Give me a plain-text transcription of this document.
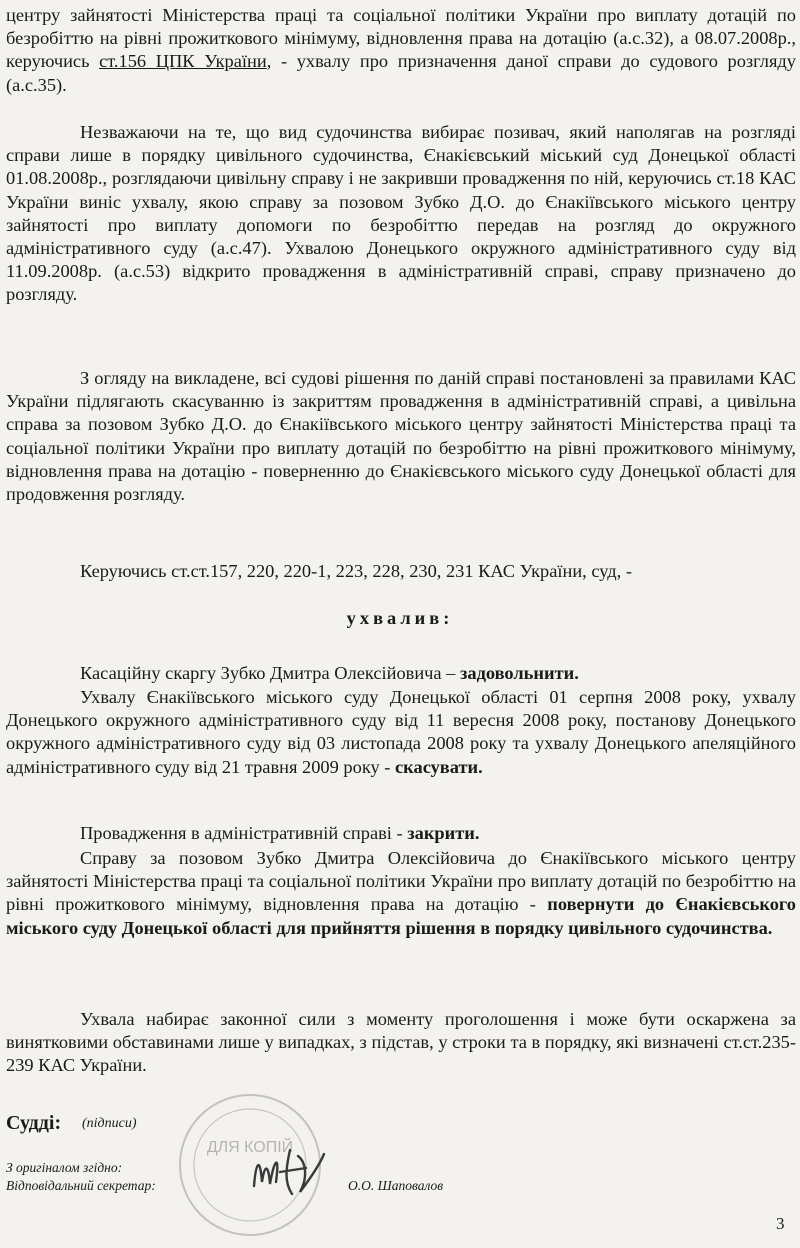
центру зайнятості Міністерства праці та соціальної політики України про виплату дотацій по безробіттю на рівні прожиткового мінімуму, відновлення права на дотацію (а.с.32), а 08.07.2008р., керуючись ст.156 ЦПК України, - ухвалу про призначення даної справи до судового розгляду (а.с.35).

Незважаючи на те, що вид судочинства вибирає позивач, який наполягав на розгляді справи лише в порядку цивільного судочинства, Єнакієвський міський суд Донецької області 01.08.2008р., розглядаючи цивільну справу і не закривши провадження по ній, керуючись ст.18 КАС України виніс ухвалу, якою справу за позовом Зубко Д.О. до Єнакіївського міського центру зайнятості про виплату допомоги по безробіттю передав на розгляд до окружного адміністративного суду (а.с.47). Ухвалою Донецького окружного адміністративного суду від 11.09.2008р. (а.с.53) відкрито провадження в адміністративній справі, справу призначено до розгляду.

З огляду на викладене, всі судові рішення по даній справі постановлені за правилами КАС України підлягають скасуванню із закриттям провадження в адміністративній справі, а цивільна справа за позовом Зубко Д.О. до Єнакіївського міського центру зайнятості Міністерства праці та соціальної політики України про виплату дотацій по безробіттю на рівні прожиткового мінімуму, відновлення права на дотацію - поверненню до Єнакієвського міського суду Донецької області для продовження розгляду.

Керуючись ст.ст.157, 220, 220-1, 223, 228, 230, 231 КАС України, суд, -

ухвалив:

Касаційну скаргу Зубко Дмитра Олексійовича – задовольнити.

Ухвалу Єнакіївського міського суду Донецької області 01 серпня 2008 року, ухвалу Донецького окружного адміністративного суду від 11 вересня 2008 року, постанову Донецького окружного адміністративного суду від 03 листопада 2008 року та ухвалу Донецького апеляційного адміністративного суду від 21 травня 2009 року - скасувати.

Провадження в адміністративній справі - закрити.

Справу за позовом Зубко Дмитра Олексійовича до Єнакіївського міського центру зайнятості Міністерства праці та соціальної політики України про виплату дотацій по безробіттю на рівні прожиткового мінімуму, відновлення права на дотацію - повернути до Єнакієвського міського суду Донецької області для прийняття рішення в порядку цивільного судочинства.

Ухвала набирає законної сили з моменту проголошення і може бути оскаржена за винятковими обставинами лише у випадках, з підстав, у строки та в порядку, які визначені ст.ст.235-239 КАС України.

ДЛЯ КОПІЙ
Судді: (підписи)
З оригіналом згідно:
Відповідальний секретар:	О.О. Шаповалов
3
